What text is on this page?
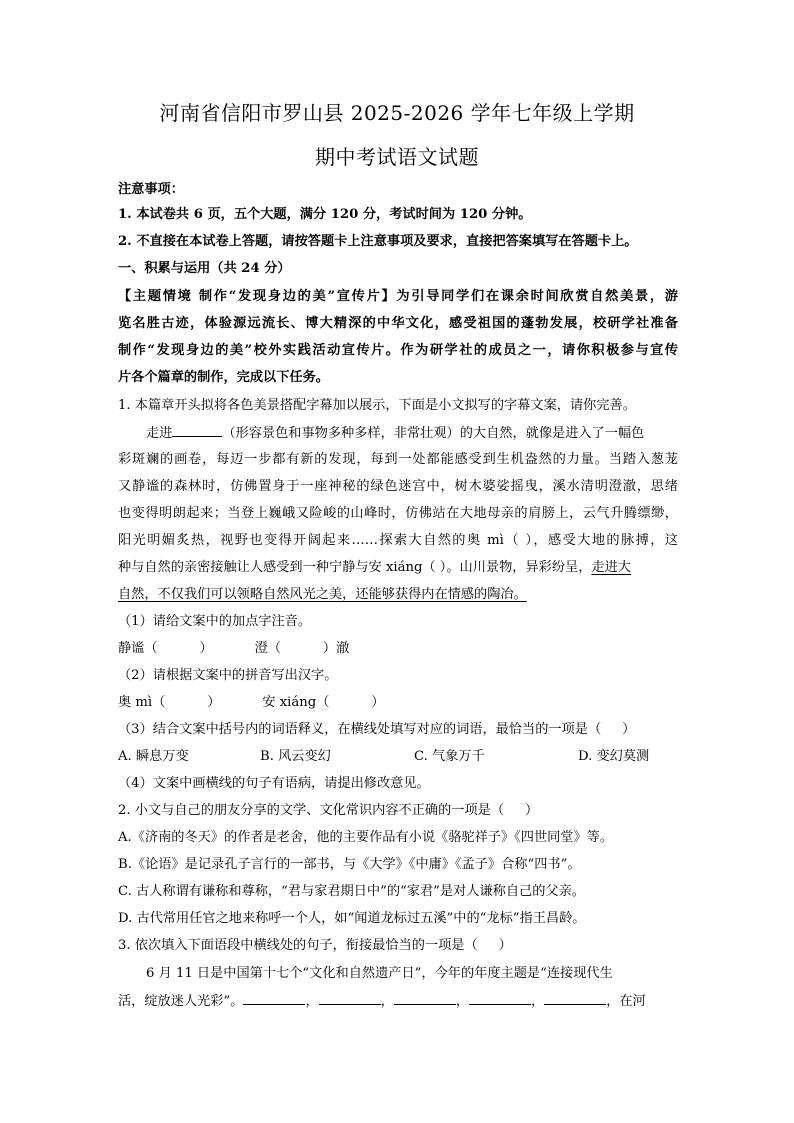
河南省信阳市罗山县 2025-2026 学年七年级上学期
期中考试语文试题
注意事项：
1. 本试卷共 6 页，五个大题，满分 120 分，考试时间为 120 分钟。
2. 不直接在本试卷上答题，请按答题卡上注意事项及要求，直接把答案填写在答题卡上。
一、积累与运用（共 24 分）
【主题情境 制作“发现身边的美”宣传片】为引导同学们在课余时间欣赏自然美景，游
览名胜古迹，体验源远流长、博大精深的中华文化，感受祖国的蓬勃发展，校研学社准备
制作“发现身边的美”校外实践活动宣传片。作为研学社的成员之一，请你积极参与宣传
片各个篇章的制作，完成以下任务。
1. 本篇章开头拟将各色美景搭配字幕加以展示，下面是小文拟写的字幕文案，请你完善。
走进	（形容景色和事物多种多样，非常壮观）的大自然，就像是进入了一幅色
彩斑斓的画卷，每迈一步都有新的发现，每到一处都能感受到生机盎然的力量。当踏入葱茏
又静谧的森林时，仿佛置身于一座神秘的绿色迷宫中，树木婆娑摇曳，溪水清明澄澈，思绪
也变得明朗起来；当登上巍峨又险峻的山峰时，仿佛站在大地母亲的肩膀上，云气升腾缥缈，
阳光明媚炙热，视野也变得开阔起来……探索大自然的奥 mì（ ），感受大地的脉搏，这
种与自然的亲密接触让人感受到一种宁静与安 xiáng（ ）。山川景物，异彩纷呈，走进大
自然，不仅我们可以领略自然风光之美，还能够获得内在情感的陶冶。
（1）请给文案中的加点字注音。
静谧（          ）          澄（          ）澈
（2）请根据文案中的拼音写出汉字。
奥 mì（          ）          安 xiáng（          ）
（3）结合文案中括号内的词语释义，在横线处填写对应的词语，最恰当的一项是（     ）
A. 瞬息万变	B. 风云变幻	C. 气象万千	D. 变幻莫测
（4）文案中画横线的句子有语病，请提出修改意见。
2. 小文与自己的朋友分享的文学、文化常识内容不正确的一项是（     ）
A.《济南的冬天》的作者是老舍，他的主要作品有小说《骆驼祥子》《四世同堂》等。
B.《论语》是记录孔子言行的一部书，与《大学》《中庸》《孟子》合称“四书”。
C. 古人称谓有谦称和尊称，“君与家君期日中”的“家君”是对人谦称自己的父亲。
D. 古代常用任官之地来称呼一个人，如“闻道龙标过五溪”中的“龙标”指王昌龄。
3. 依次填入下面语段中横线处的句子，衔接最恰当的一项是（     ）
6 月 11 日是中国第十七个“文化和自然遗产日”，今年的年度主题是“连接现代生
活，绽放迷人光彩”。	，	，	，	，	，在河
